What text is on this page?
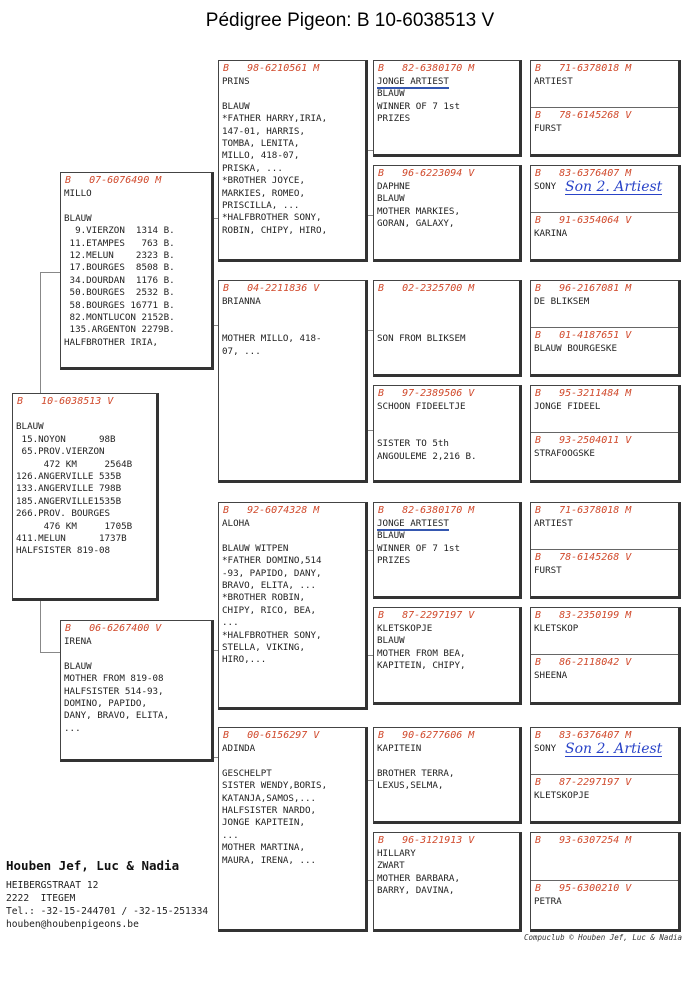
Pédigree Pigeon: B 10-6038513 V
B   10-6038513 V

BLAUW
15.NOYON      98B
65.PROV.VIERZON
472 KM     2564B
126.ANGERVILLE 535B
133.ANGERVILLE 798B
185.ANGERVILLE1535B
266.PROV. BOURGES
476 KM     1705B
411.MELUN      1737B
HALFSISTER 819-08
B   07-6076490 M
MILLO

BLAUW
9.VIERZON  1314 B.
11.ETAMPES   763 B.
12.MELUN    2323 B.
17.BOURGES  8508 B.
34.DOURDAN  1176 B.
50.BOURGES  2532 B.
58.BOURGES 16771 B.
82.MONTLUCON 2152B.
135.ARGENTON 2279B.
HALFBROTHER IRIA,
B   06-6267400 V
IRENA

BLAUW
MOTHER FROM 819-08
HALFSISTER 514-93,
DOMINO, PAPIDO,
DANY, BRAVO, ELITA,
...
B   98-6210561 M
PRINS

BLAUW
*FATHER HARRY,IRIA,
147-01, HARRIS,
TOMBA, LENITA,
MILLO, 418-07,
PRISKA, ...
*BROTHER JOYCE,
MARKIES, ROMEO,
PRISCILLA, ...
*HALFBROTHER SONY,
ROBIN, CHIPY, HIRO,
B   04-2211836 V
BRIANNA

MOTHER MILLO, 418-
07, ...
B   92-6074328 M
ALOHA

BLAUW WITPEN
*FATHER DOMINO,514
-93, PAPIDO, DANY,
BRAVO, ELITA, ...
*BROTHER ROBIN,
CHIPY, RICO, BEA,
...
*HALFBROTHER SONY,
STELLA, VIKING,
HIRO,...
B   00-6156297 V
ADINDA

GESCHELPT
SISTER WENDY,BORIS,
KATANJA,SAMOS,...
HALFSISTER NARDO,
JONGE KAPITEIN,
...
MOTHER MARTINA,
MAURA, IRENA, ...
B   82-6380170 M
JONGE ARTIEST
BLAUW
WINNER OF 7 1st
PRIZES
B   96-6223094 V
DAPHNE
BLAUW
MOTHER MARKIES,
GORAN, GALAXY,
B   02-2325700 M

SON FROM BLIKSEM
B   97-2389506 V
SCHOON FIDEELTJE

SISTER TO 5th
ANGOULEME 2,216 B.
B   82-6380170 M
JONGE ARTIEST
BLAUW
WINNER OF 7 1st
PRIZES
B   87-2297197 V
KLETSKOPJE
BLAUW
MOTHER FROM BEA,
KAPITEIN, CHIPY,
B   90-6277606 M
KAPITEIN

BROTHER TERRA,
LEXUS,SELMA,
B   96-3121913 V
HILLARY
ZWART
MOTHER BARBARA,
BARRY, DAVINA,
B   71-6378018 M
ARTIEST
B   78-6145268 V
FURST
B   83-6376407 M
SONY
B   91-6354064 V
KARINA
Son 2. Artiest
B   96-2167081 M
DE BLIKSEM
B   01-4187651 V
BLAUW BOURGESKE
B   95-3211484 M
JONGE FIDEEL
B   93-2504011 V
STRAFOOGSKE
B   71-6378018 M
ARTIEST
B   78-6145268 V
FURST
B   83-2350199 M
KLETSKOP
B   86-2118042 V
SHEENA
B   83-6376407 M
SONY
B   87-2297197 V
KLETSKOPJE
Son 2. Artiest
B   93-6307254 M
B   95-6300210 V
PETRA
Houben Jef, Luc & Nadia
HEIBERGSTRAAT 12
2222  ITEGEM
Tel.: -32-15-244701 / -32-15-251334
houben@houbenpigeons.be
Compuclub © Houben Jef, Luc & Nadia
